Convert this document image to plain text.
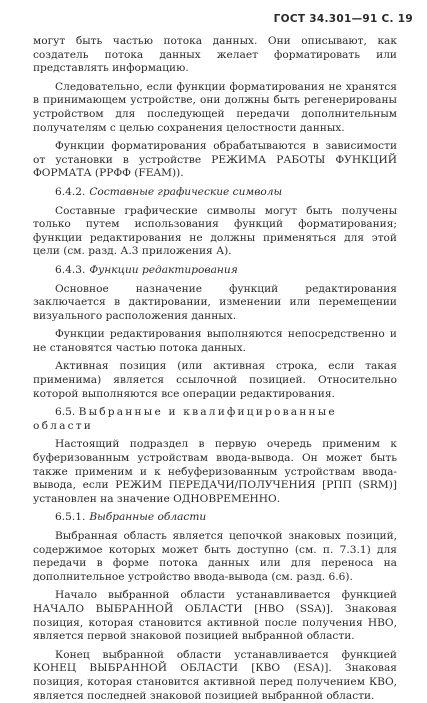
ГОСТ 34.301—91 С. 19

могут быть частью потока данных. Они описывают, как создатель потока данных желает форматировать или представлять информацию.

Следовательно, если функции форматирования не хранятся в принимающем устройстве, они должны быть регенерированы устройством для последующей передачи дополнительным получателям с целью сохранения целостности данных.

Функции форматирования обрабатываются в зависимости от установки в устройстве РЕЖИМА РАБОТЫ ФУНКЦИЙ ФОРМАТА (РРФФ (FEAM)).

6.4.2. Составные графические символы

Составные графические символы могут быть получены только путем использования функций форматирования; функции редактирования не должны применяться для этой цели (см. разд. А.3 приложения А).

6.4.3. Функции редактирования

Основное назначение функций редактирования заключается в дактировании, изменении или перемещении визуального расположения данных.

Функции редактирования выполняются непосредственно и не становятся частью потока данных.

Активная позиция (или активная строка, если такая применима) является ссылочной позицией. Относительно которой выполняются все операции редактирования.

6.5. Выбранные и квалифицированные области

Настоящий подраздел в первую очередь применим к буферизованным устройствам ввода-вывода. Он может быть также применим и к небуферизованным устройствам ввода-вывода, если РЕЖИМ ПЕРЕДАЧИ/ПОЛУЧЕНИЯ [РПП (SRM)] установлен на значение ОДНОВРЕМЕННО.

6.5.1. Выбранные области

Выбранная область является цепочкой знаковых позиций, содержимое которых может быть доступно (см. п. 7.3.1) для передачи в форме потока данных или для переноса на дополнительное устройство ввода-вывода (см. разд. 6.6).

Начало выбранной области устанавливается функцией НАЧАЛО ВЫБРАННОЙ ОБЛАСТИ [НВО (SSA)]. Знаковая позиция, которая становится активной после получения НВО, является первой знаковой позицией выбранной области.

Конец выбранной области устанавливается функцией КОНЕЦ ВЫБРАННОЙ ОБЛАСТИ [КВО (ESA)]. Знаковая позиция, которая становится активной перед получением КВО, является последней знаковой позицией выбранной области.
